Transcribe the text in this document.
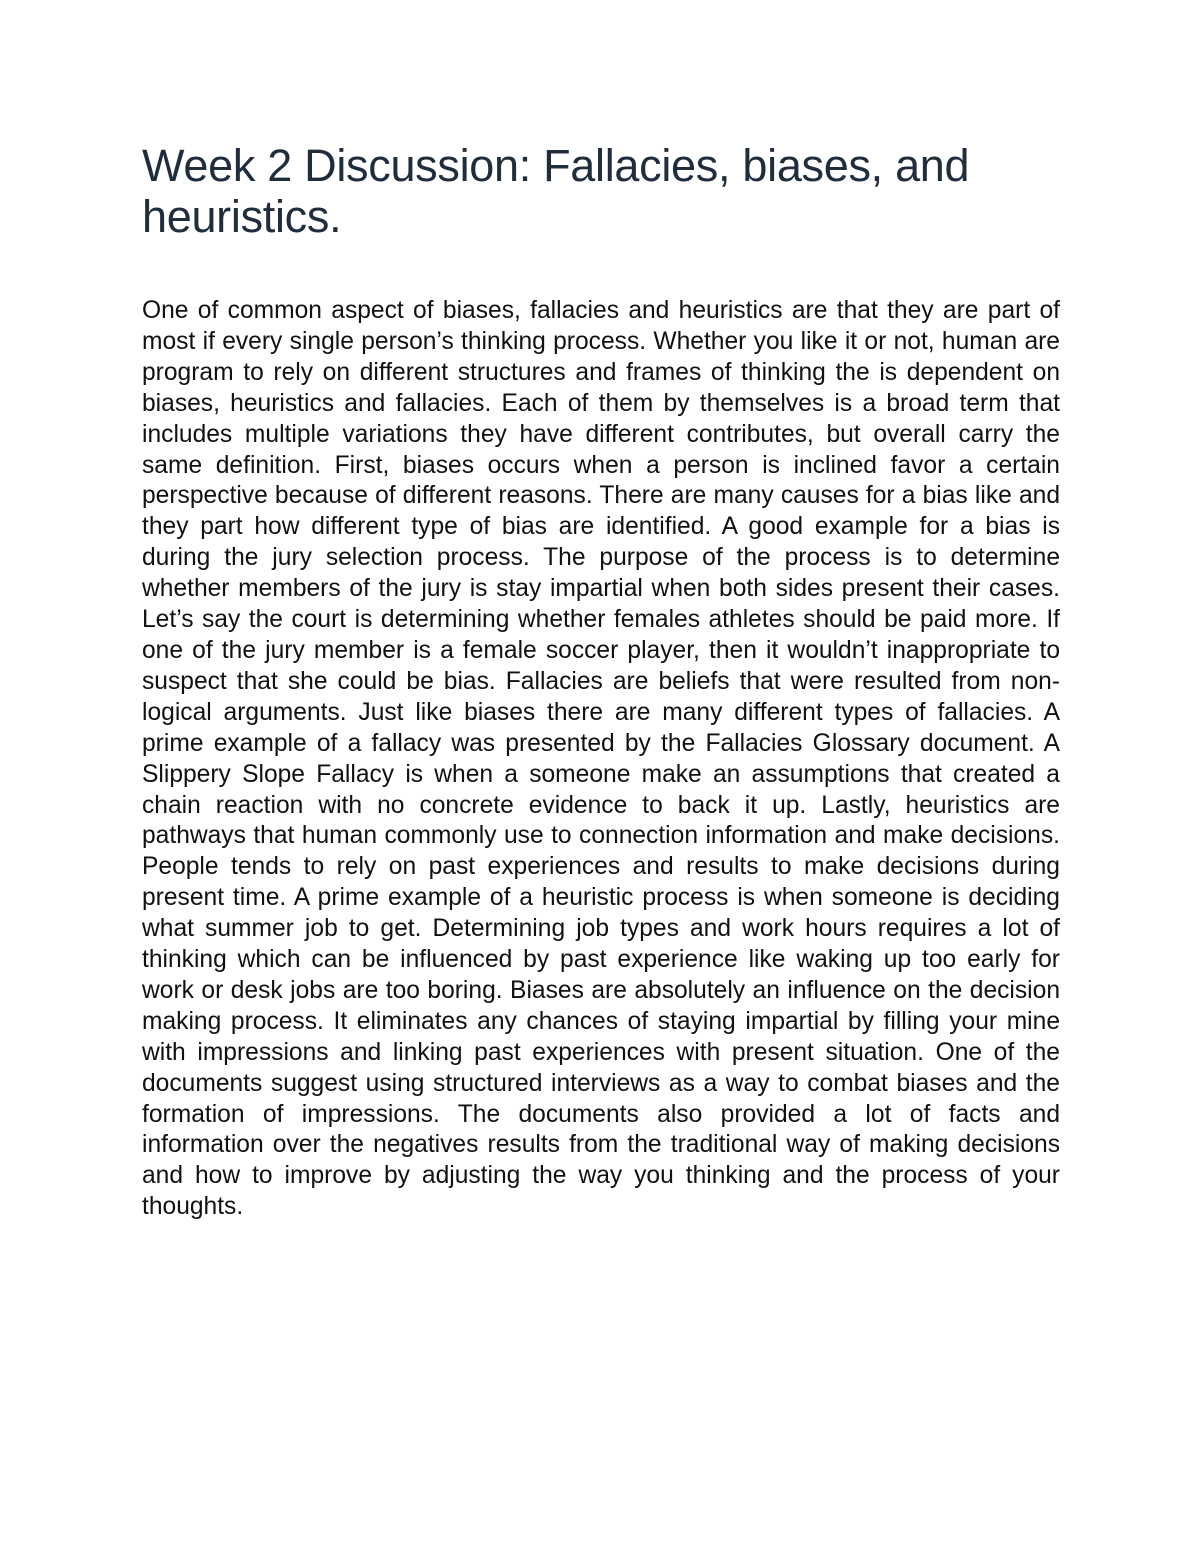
Week 2 Discussion: Fallacies, biases, and heuristics.

One of common aspect of biases, fallacies and heuristics are that they are part of most if every single person’s thinking process. Whether you like it or not, human are program to rely on different structures and frames of thinking the is dependent on biases, heuristics and fallacies. Each of them by themselves is a broad term that includes multiple variations they have different contributes, but overall carry the same definition. First, biases occurs when a person is inclined favor a certain perspective because of different reasons. There are many causes for a bias like and they part how different type of bias are identified. A good example for a bias is during the jury selection process. The purpose of the process is to determine whether members of the jury is stay impartial when both sides present their cases. Let’s say the court is determining whether females athletes should be paid more. If one of the jury member is a female soccer player, then it wouldn’t inappropriate to suspect that she could be bias. Fallacies are beliefs that were resulted from non-logical arguments. Just like biases there are many different types of fallacies. A prime example of a fallacy was presented by the Fallacies Glossary document. A Slippery Slope Fallacy is when a someone make an assumptions that created a chain reaction with no concrete evidence to back it up. Lastly, heuristics are pathways that human commonly use to connection information and make decisions. People tends to rely on past experiences and results to make decisions during present time. A prime example of a heuristic process is when someone is deciding what summer job to get. Determining job types and work hours requires a lot of thinking which can be influenced by past experience like waking up too early for work or desk jobs are too boring. Biases are absolutely an influence on the decision making process. It eliminates any chances of staying impartial by filling your mine with impressions and linking past experiences with present situation. One of the documents suggest using structured interviews as a way to combat biases and the formation of impressions. The documents also provided a lot of facts and information over the negatives results from the traditional way of making decisions and how to improve by adjusting the way you thinking and the process of your thoughts.
